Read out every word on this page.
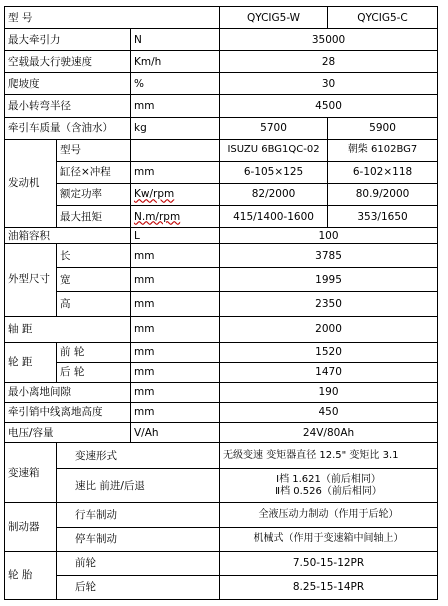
型 号			QYCIG5-W	QYCIG5-C
最大牵引力		N	35000	
空载最大行驶速度		Km/h	28	
爬坡度		%	30	
最小转弯半径		mm	4500	
牵引车质量（含油水）		kg	5700	5900
发动机	型号		ISUZU 6BG1QC-02	朝柴 6102BG7
	缸径×冲程	mm	6-105×125	6-102×118
	额定功率	Kw/rpm	82/2000	80.9/2000
	最大扭矩	N.m/rpm	415/1400-1600	353/1650
油箱容积		L	100	
外型尺寸	长	mm	3785	
	宽	mm	1995	
	高	mm	2350	
轴 距		mm	2000	
轮 距	前 轮	mm	1520	
	后 轮	mm	1470	
最小离地间隙		mm	190	
牵引销中线离地高度		mm	450	
电压/容量		V/Ah	24V/80Ah	
变速箱	变速形式		无级变速 变矩器直径 12.5" 变矩比 3.1	
	速比 前进/后退		Ⅰ档 1.621（前后相同）
Ⅱ档 0.526（前后相同）	

制动器	行车制动		全液压动力制动（作用于后轮）	
	停车制动		机械式（作用于变速箱中间轴上）	
轮 胎	前轮		7.50-15-12PR	
	后轮		8.25-15-14PR	
